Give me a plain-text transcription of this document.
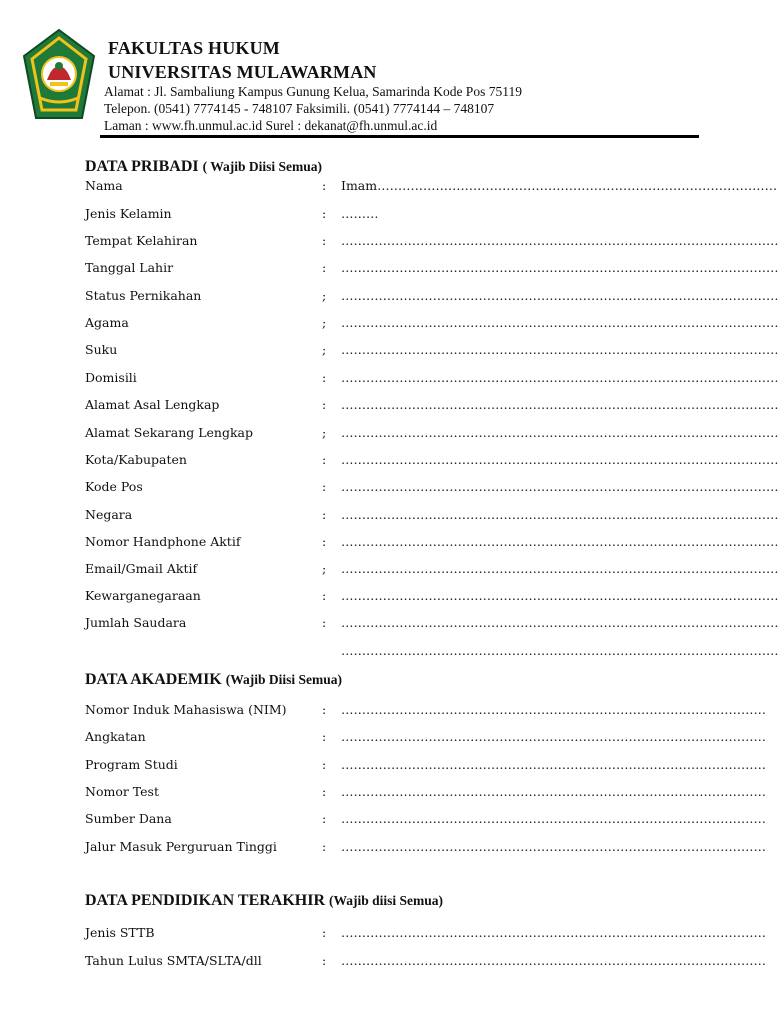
FAKULTAS HUKUM

UNIVERSITAS MULAWARMAN

Alamat : Jl. Sambaliung Kampus Gunung Kelua, Samarinda Kode Pos 75119

Telepon. (0541) 7774145 - 748107 Faksimili. (0541) 7774144 – 748107

Laman : www.fh.unmul.ac.id Surel : dekanat@fh.unmul.ac.id

DATA PRIBADI ( Wajib Diisi Semua)

Nama	: Imam……………………………………………………………………………………
Jenis Kelamin	: ………
Tempat Kelahiran	: ……………………………………………………………………………………………
Tanggal Lahir	: ……………………………………………………………………………………………
Status Pernikahan	; ……………………………………………………………………………………………
Agama	; ……………………………………………………………………………………………
Suku	; ……………………………………………………………………………………………
Domisili	: ……………………………………………………………………………………………
Alamat Asal Lengkap	: ……………………………………………………………………………………………
Alamat Sekarang Lengkap	; ……………………………………………………………………………………………
Kota/Kabupaten	: ……………………………………………………………………………………………
Kode Pos	: ……………………………………………………………………………………………
Negara	: ……………………………………………………………………………………………
Nomor Handphone Aktif	: ……………………………………………………………………………………………
Email/Gmail Aktif	; ……………………………………………………………………………………………
Kewarganegaraan	: ……………………………………………………………………………………………
Jumlah Saudara	: ……………………………………………………………………………………………
……………………………………………………………………………………………

DATA AKADEMIK (Wajib Diisi Semua)

Nomor Induk Mahasiswa (NIM)	: …………………………………………………………………………………………
Angkatan	: …………………………………………………………………………………………
Program Studi	: …………………………………………………………………………………………
Nomor Test	: …………………………………………………………………………………………
Sumber Dana	: …………………………………………………………………………………………
Jalur Masuk Perguruan Tinggi	: …………………………………………………………………………………………

DATA PENDIDIKAN TERAKHIR (Wajib diisi Semua)

Jenis STTB	: …………………………………………………………………………………………
Tahun Lulus SMTA/SLTA/dll	: …………………………………………………………………………………………
